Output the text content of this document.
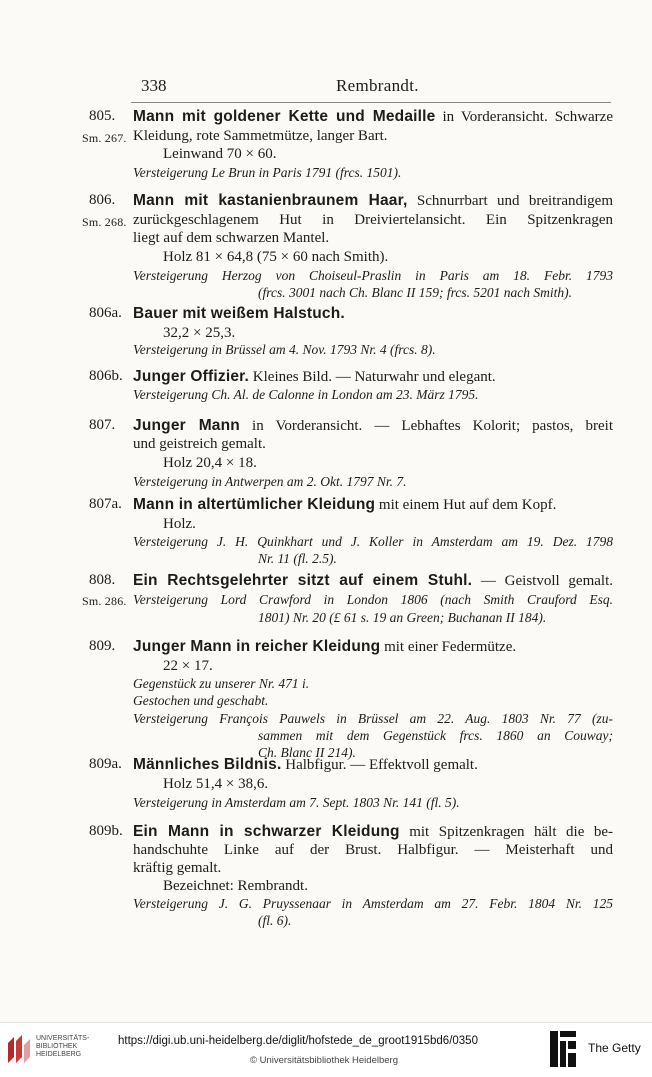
338	Rembrandt.
805.
Sm. 267.
Mann mit goldener Kette und Medaille in Vorderansicht. Schwarze
Kleidung, rote Sammetmütze, langer Bart.
Leinwand 70 × 60.
Versteigerung Le Brun in Paris 1791 (frcs. 1501).
806.
Sm. 268.
Mann mit kastanienbraunem Haar, Schnurrbart und breitrandigem
zurückgeschlagenem Hut in Dreiviertelansicht. Ein Spitzenkragen
liegt auf dem schwarzen Mantel.
Holz 81 × 64,8 (75 × 60 nach Smith).
Versteigerung Herzog von Choiseul-Praslin in Paris am 18. Febr. 1793
(frcs. 3001 nach Ch. Blanc II 159; frcs. 5201 nach Smith).
806a. Bauer mit weißem Halstuch.
32,2 × 25,3.
Versteigerung in Brüssel am 4. Nov. 1793 Nr. 4 (frcs. 8).
806b. Junger Offizier. Kleines Bild. — Naturwahr und elegant.
Versteigerung Ch. Al. de Calonne in London am 23. März 1795.
807. Junger Mann in Vorderansicht. — Lebhaftes Kolorit; pastos, breit
und geistreich gemalt.
Holz 20,4 × 18.
Versteigerung in Antwerpen am 2. Okt. 1797 Nr. 7.
807a. Mann in altertümlicher Kleidung mit einem Hut auf dem Kopf.
Holz.
Versteigerung J. H. Quinkhart und J. Koller in Amsterdam am 19. Dez. 1798
Nr. 11 (fl. 2.5).
808.
Sm. 286.
Ein Rechtsgelehrter sitzt auf einem Stuhl. — Geistvoll gemalt.
Versteigerung Lord Crawford in London 1806 (nach Smith Crauford Esq.
1801) Nr. 20 (£ 61 s. 19 an Green; Buchanan II 184).
809. Junger Mann in reicher Kleidung mit einer Federmütze.
22 × 17.
Gegenstück zu unserer Nr. 471 i.
Gestochen und geschabt.
Versteigerung François Pauwels in Brüssel am 22. Aug. 1803 Nr. 77 (zu-
sammen mit dem Gegenstück frcs. 1860 an Couway;
Ch. Blanc II 214).
809a. Männliches Bildnis. Halbfigur. — Effektvoll gemalt.
Holz 51,4 × 38,6.
Versteigerung in Amsterdam am 7. Sept. 1803 Nr. 141 (fl. 5).
809b. Ein Mann in schwarzer Kleidung mit Spitzenkragen hält die be-
handschuhte Linke auf der Brust. Halbfigur. — Meisterhaft und
kräftig gemalt.
Bezeichnet: Rembrandt.
Versteigerung J. G. Pruyssenaar in Amsterdam am 27. Febr. 1804 Nr. 125
(fl. 6).
UNIVERSITÄTS-
BIBLIOTHEK
HEIDELBERG
https://digi.ub.uni-heidelberg.de/diglit/hofstede_de_groot1915bd6/0350
© Universitätsbibliothek Heidelberg
The Getty
